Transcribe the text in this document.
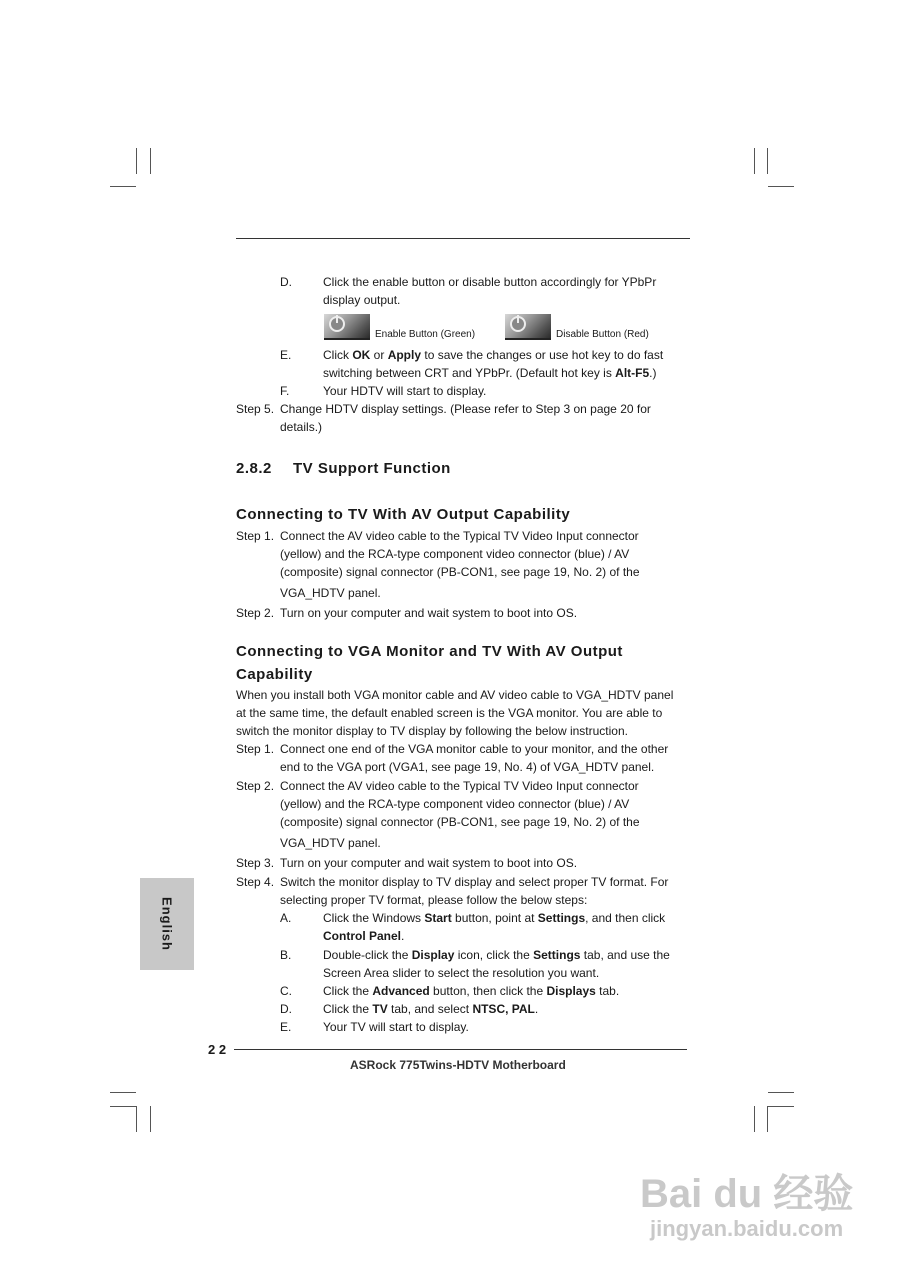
D.	Click the enable button or disable button accordingly for YPbPr
display output.
Enable Button (Green)	Disable Button (Red)
E.	Click OK or Apply to save the changes or use hot key to do fast
switching between CRT and YPbPr. (Default hot key is Alt-F5.)
F.	Your HDTV will start to display.
Step 5. Change HDTV display settings. (Please refer to Step 3 on page 20 for
details.)
2.8.2 TV Support Function
Connecting to TV With AV Output Capability
Step 1. Connect the AV video cable to the Typical TV Video Input connector
(yellow) and the RCA-type component video connector (blue) / AV
(composite) signal connector (PB-CON1, see page 19, No. 2) of the
VGA_HDTV panel.
Step 2. Turn on your computer and wait system to boot into OS.
Connecting to VGA Monitor and TV With AV Output
Capability
When you install both VGA monitor cable and AV video cable to VGA_HDTV panel
at the same time, the default enabled screen is the VGA monitor. You are able to
switch the monitor display to TV display by following the below instruction.
Step 1. Connect one end of the VGA monitor cable to your monitor, and the other
end to the VGA port (VGA1, see page 19, No. 4) of VGA_HDTV panel.
Step 2. Connect the AV video cable to the Typical TV Video Input connector
(yellow) and the RCA-type component video connector (blue) / AV
(composite) signal connector (PB-CON1, see page 19, No. 2) of the
VGA_HDTV panel.
Step 3. Turn on your computer and wait system to boot into OS.
Step 4. Switch the monitor display to TV display and select proper TV format. For
selecting proper TV format, please follow the below steps:
A.	Click the Windows Start button, point at Settings, and then click
Control Panel.
B.	Double-click the Display icon, click the Settings tab, and use the
Screen Area slider to select the resolution you want.
C.	Click the Advanced button, then click the Displays tab.
D.	Click the TV tab, and select NTSC, PAL.
E.	Your TV will start to display.
English
2 2
ASRock 775Twins-HDTV Motherboard
Bai du 经验
jingyan.baidu.com
